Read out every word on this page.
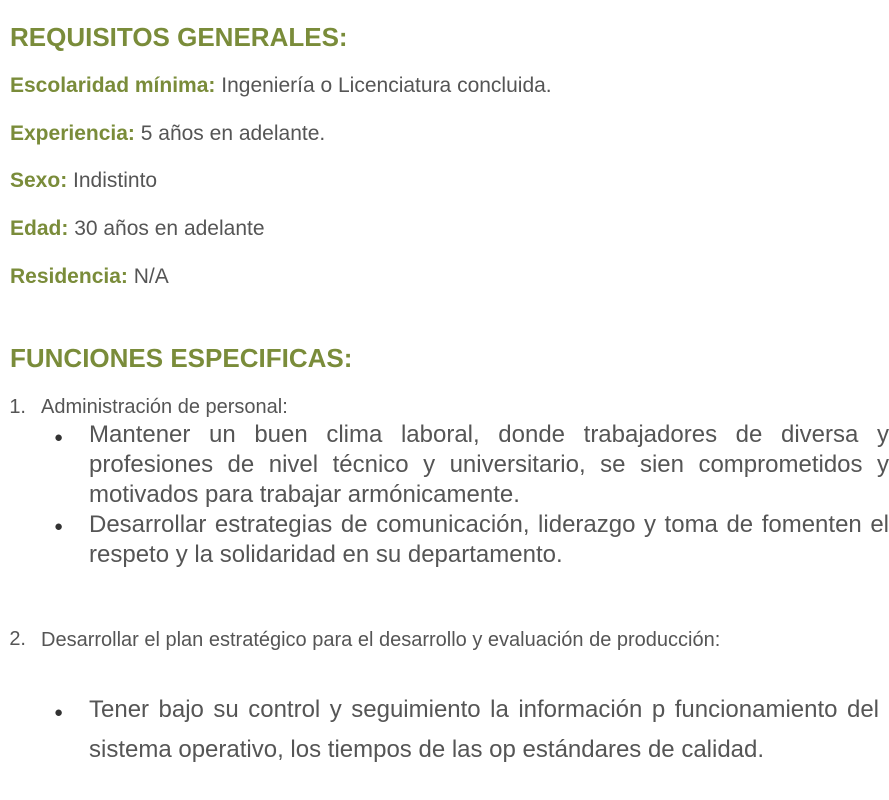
REQUISITOS GENERALES:

Escolaridad mínima: Ingeniería o Licenciatura concluida.

Experiencia: 5 años en adelante.

Sexo: Indistinto

Edad: 30 años en adelante

Residencia: N/A

FUNCIONES ESPECIFICAS:
1. Administración de personal:
● Mantener un buen clima laboral, donde trabajadores de diversa y profesiones de nivel técnico y universitario, se sien comprometidos y motivados para trabajar armónicamente.

● Desarrollar estrategias de comunicación, liderazgo y toma de fomenten el respeto y la solidaridad en su departamento.

2. Desarrollar el plan estratégico para el desarrollo y evaluación de producción:

● Tener bajo su control y seguimiento la información p funcionamiento del sistema operativo, los tiempos de las op estándares de calidad.
